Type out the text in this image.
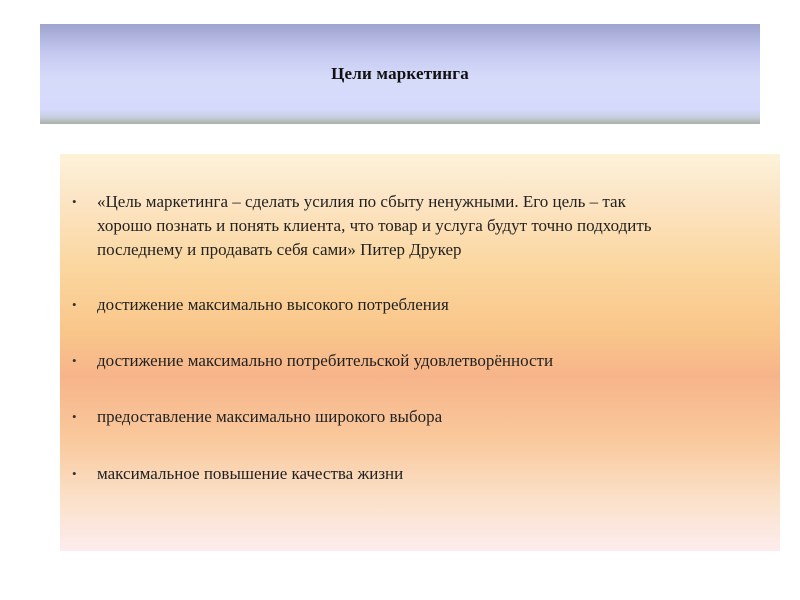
Цели маркетинга
• «Цель маркетинга – сделать усилия по сбыту ненужными. Его цель – так
хорошо познать и понять клиента, что товар и услуга будут точно подходить
последнему и продавать себя сами» Питер Друкер
• достижение максимально высокого потребления
• достижение максимально потребительской удовлетворённости
• предоставление максимально широкого выбора
• максимальное повышение качества жизни
